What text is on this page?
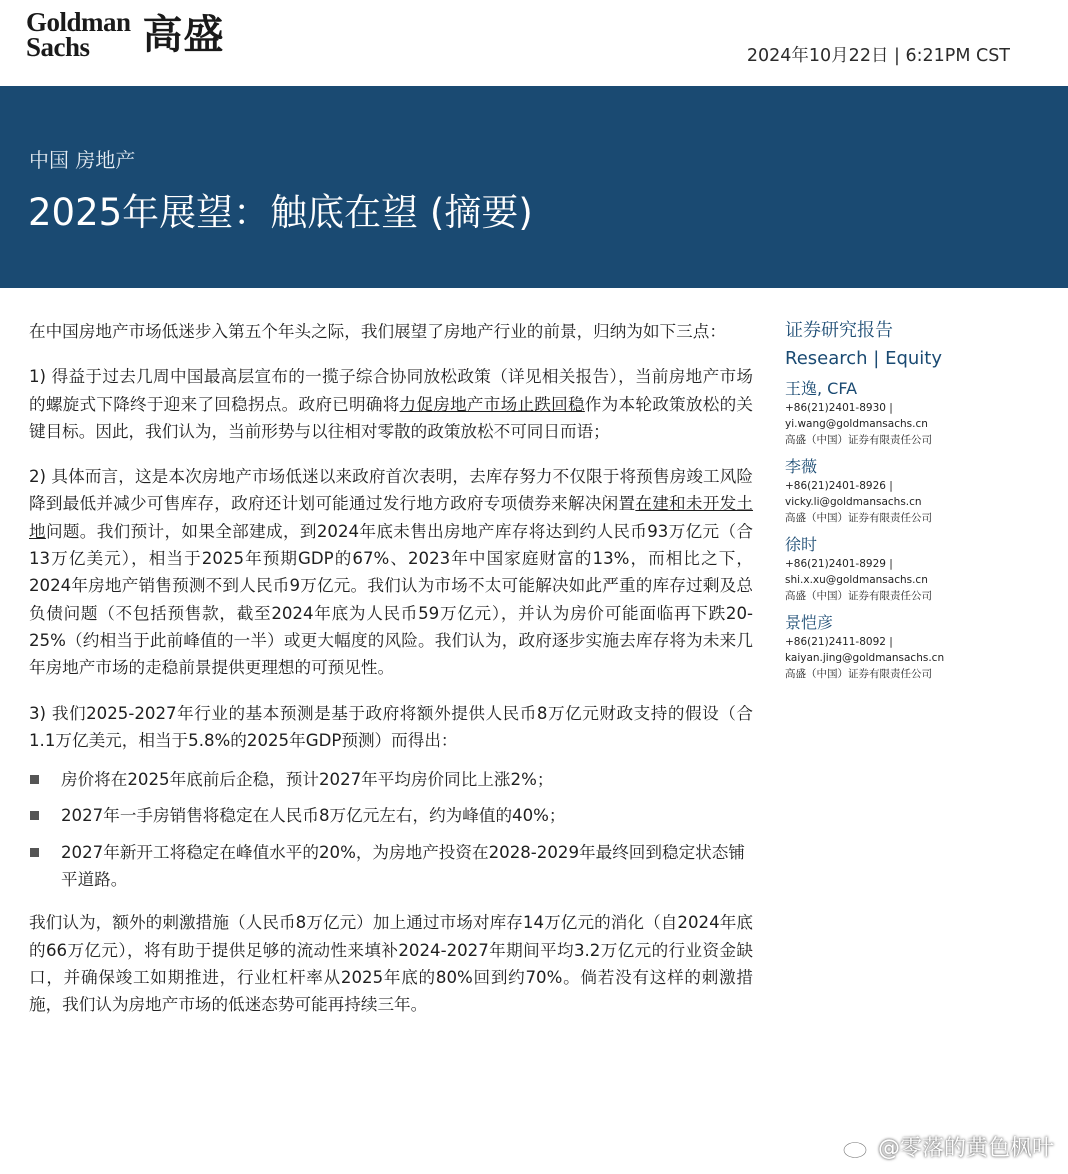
Goldman
Sachs	高盛	2024年10月22日 | 6:21PM CST
中国 房地产
2025年展望：触底在望 (摘要)

在中国房地产市场低迷步入第五个年头之际，我们展望了房地产行业的前景，归纳为如下三点：

1) 得益于过去几周中国最高层宣布的一揽子综合协同放松政策（详见相关报告），当前房地产市场的螺旋式下降终于迎来了回稳拐点。政府已明确将力促房地产市场止跌回稳作为本轮政策放松的关键目标。因此，我们认为，当前形势与以往相对零散的政策放松不可同日而语；

2) 具体而言，这是本次房地产市场低迷以来政府首次表明，去库存努力不仅限于将预售房竣工风险降到最低并减少可售库存，政府还计划可能通过发行地方政府专项债券来解决闲置在建和未开发土地问题。我们预计，如果全部建成，到2024年底未售出房地产库存将达到约人民币93万亿元（合13万亿美元），相当于2025年预期GDP的67%、2023年中国家庭财富的13%，而相比之下，2024年房地产销售预测不到人民币9万亿元。我们认为市场不太可能解决如此严重的库存过剩及总负债问题（不包括预售款，截至2024年底为人民币59万亿元），并认为房价可能面临再下跌20-25%（约相当于此前峰值的一半）或更大幅度的风险。我们认为，政府逐步实施去库存将为未来几年房地产市场的走稳前景提供更理想的可预见性。

3) 我们2025-2027年行业的基本预测是基于政府将额外提供人民币8万亿元财政支持的假设（合1.1万亿美元，相当于5.8%的2025年GDP预测）而得出：

房价将在2025年底前后企稳，预计2027年平均房价同比上涨2%；
2027年一手房销售将稳定在人民币8万亿元左右，约为峰值的40%；
2027年新开工将稳定在峰值水平的20%，为房地产投资在2028-2029年最终回到稳定状态铺平道路。

我们认为，额外的刺激措施（人民币8万亿元）加上通过市场对库存14万亿元的消化（自2024年底的66万亿元），将有助于提供足够的流动性来填补2024-2027年期间平均3.2万亿元的行业资金缺口，并确保竣工如期推进，行业杠杆率从2025年底的80%回到约70%。倘若没有这样的刺激措施，我们认为房地产市场的低迷态势可能再持续三年。

证券研究报告
Research | Equity
王逸, CFA
+86(21)2401-8930 |
yi.wang@goldmansachs.cn
高盛（中国）证券有限责任公司
李薇
+86(21)2401-8926 |
vicky.li@goldmansachs.cn
高盛（中国）证券有限责任公司
徐时
+86(21)2401-8929 |
shi.x.xu@goldmansachs.cn
高盛（中国）证券有限责任公司
景恺彦
+86(21)2411-8092 |
kaiyan.jing@goldmansachs.cn
高盛（中国）证券有限责任公司
@零落的黄色枫叶
